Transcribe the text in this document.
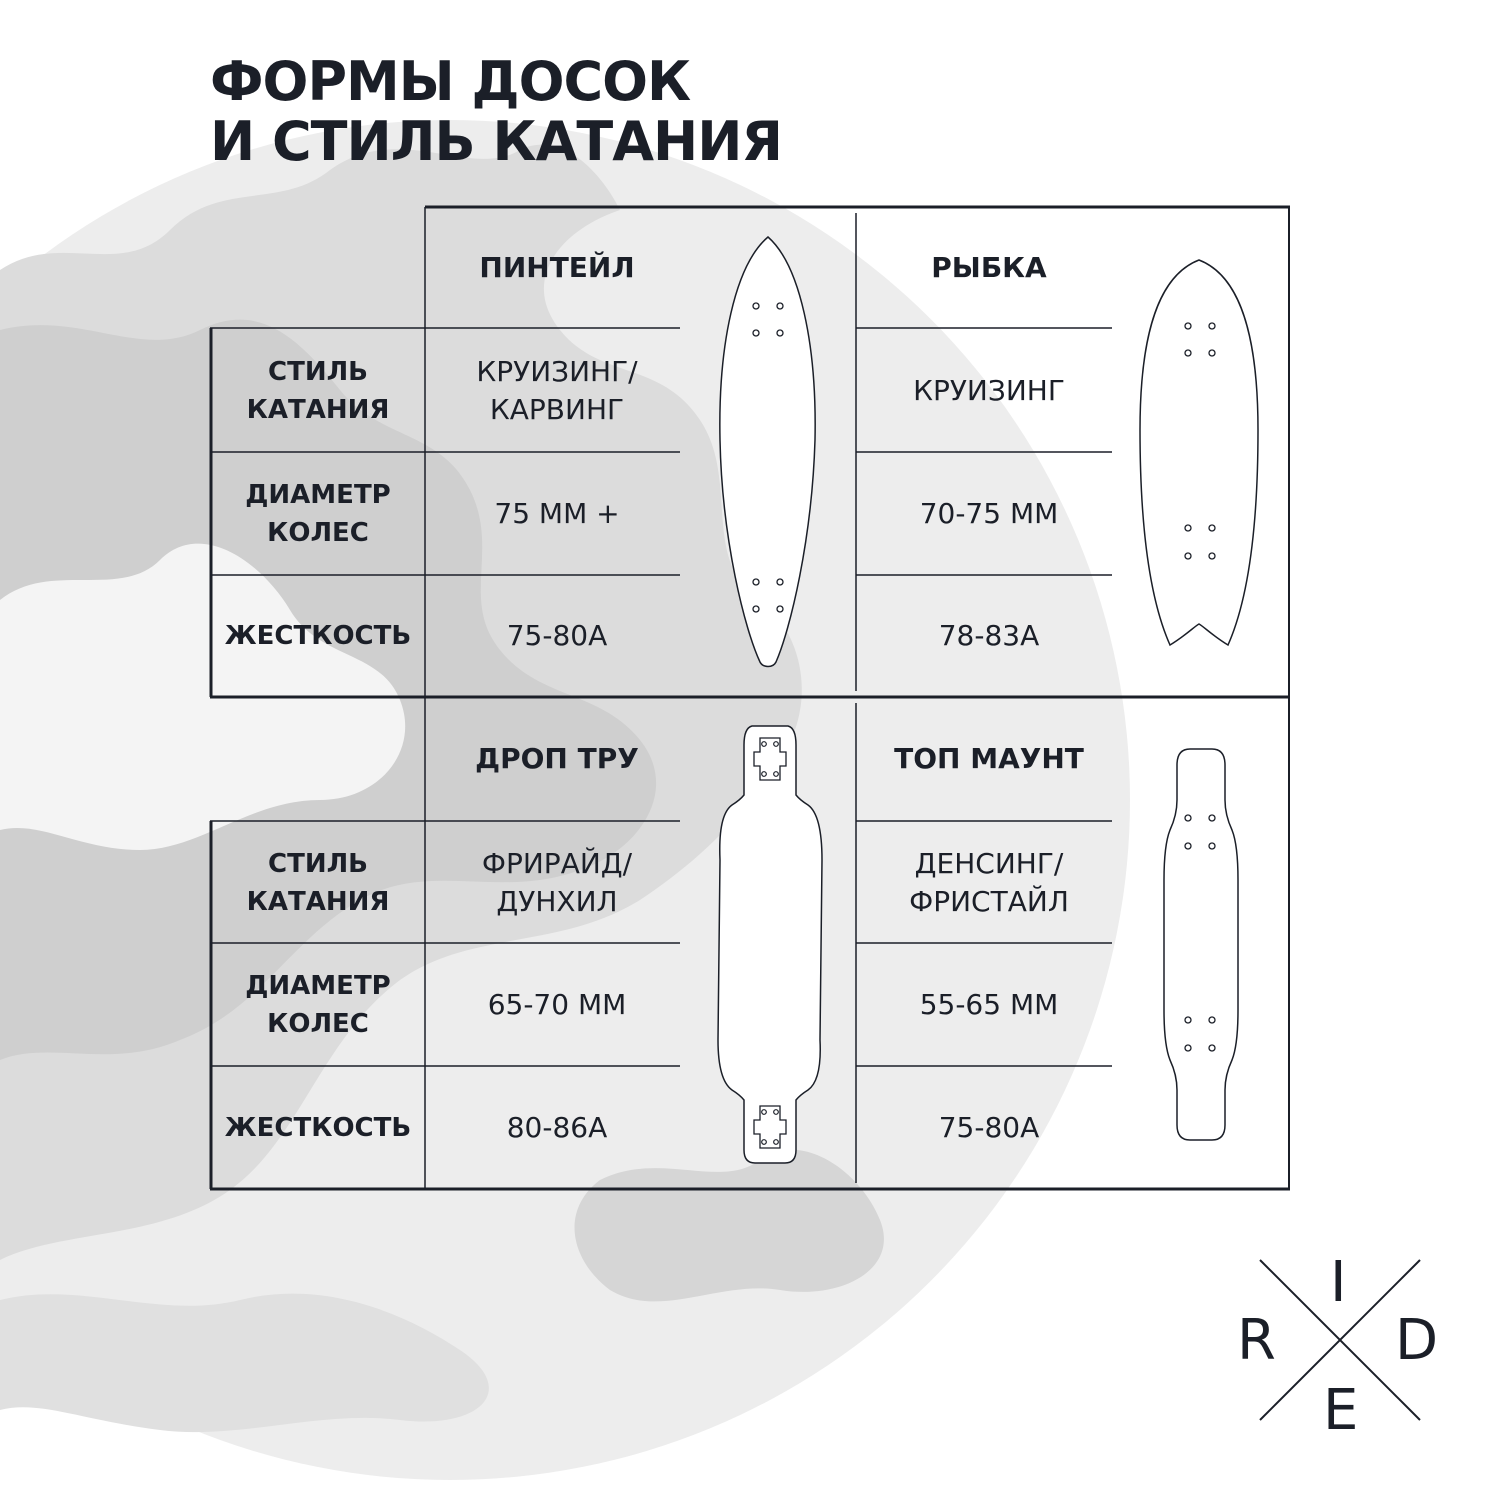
ФОРМЫ ДОСОК
И СТИЛЬ КАТАНИЯ
СТИЛЬ
КАТАНИЯ
ДИАМЕТР
КОЛЕС
ЖЕСТКОСТЬ
ПИНТЕЙЛ
КРУИЗИНГ/
КАРВИНГ
75 ММ +
75-80А
РЫБКА
КРУИЗИНГ
70-75 ММ
78-83А
СТИЛЬ
КАТАНИЯ
ДИАМЕТР
КОЛЕС
ЖЕСТКОСТЬ
ДРОП ТРУ
ФРИРАЙД/
ДУНХИЛ
65-70 ММ
80-86А
ТОП МАУНТ
ДЕНСИНГ/
ФРИСТАЙЛ
55-65 ММ
75-80А
I
R D
E
